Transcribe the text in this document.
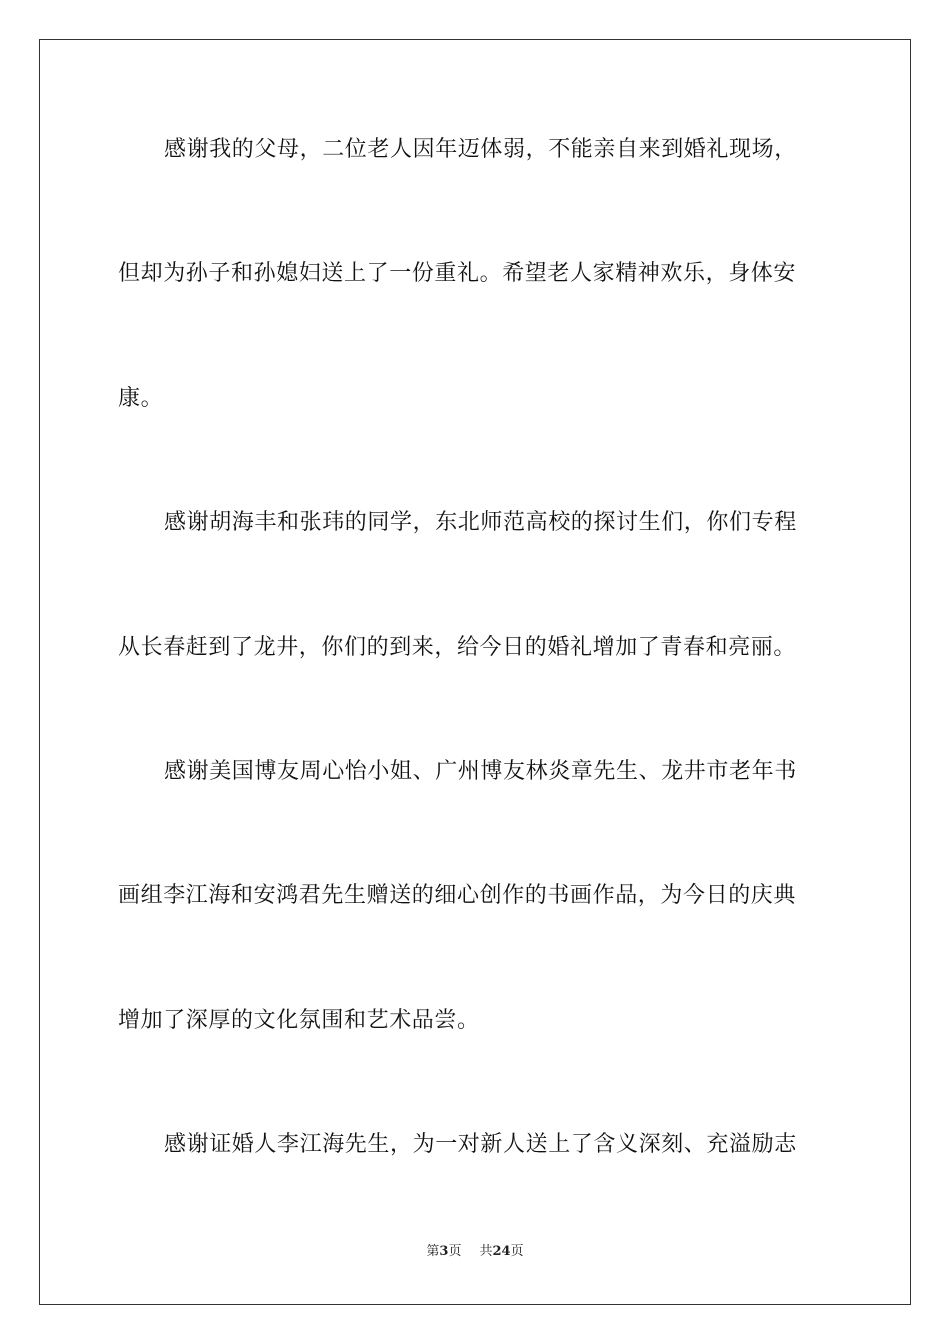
感谢我的父母，二位老人因年迈体弱，不能亲自来到婚礼现场，
但却为孙子和孙媳妇送上了一份重礼。希望老人家精神欢乐，身体安
康。
感谢胡海丰和张玮的同学，东北师范高校的探讨生们，你们专程
从长春赶到了龙井，你们的到来，给今日的婚礼增加了青春和亮丽。
感谢美国博友周心怡小姐、广州博友林炎章先生、龙井市老年书
画组李江海和安鸿君先生赠送的细心创作的书画作品，为今日的庆典
增加了深厚的文化氛围和艺术品尝。
感谢证婚人李江海先生，为一对新人送上了含义深刻、充溢励志
第3页 共24页
